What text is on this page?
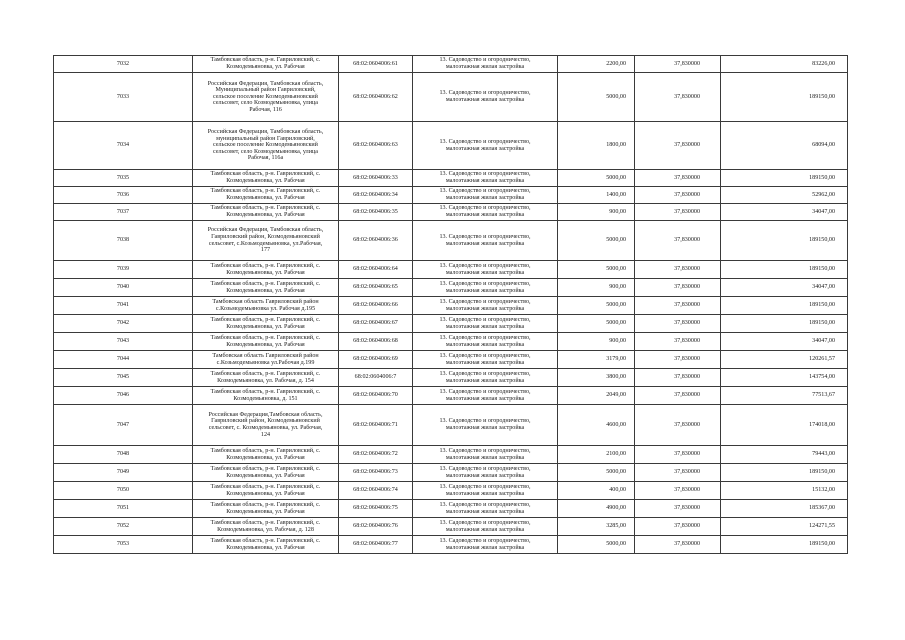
7032	Тамбовская область, р-н. Гавриловский, с.
Козмодемьяновка, ул. Рабочая	68:02:0604006:61	13. Садоводство и огородничество,
малоэтажная жилая застройка	2200,00	37,830000	83226,00
7033	Российская Федерация, Тамбовская область,
Муниципальный район Гавриловский,
сельское поселение Козмодемьяновский
сельсовет, село Козмодемьяновка, улица
Рабочая, 116	68:02:0604006:62	13. Садоводство и огородничество,
малоэтажная жилая застройка	5000,00	37,830000	189150,00
7034	Российская Федерация, Тамбовская область,
муниципальный район Гавриловский,
сельское поселение Козмодемьяновский
сельсовет, село Козмодемьяновка, улица
Рабочая, 116а	68:02:0604006:63	13. Садоводство и огородничество,
малоэтажная жилая застройка	1800,00	37,830000	68094,00
7035	Тамбовская область, р-н. Гавриловский, с.
Козмодемьяновка, ул. Рабочая	68:02:0604006:33	13. Садоводство и огородничество,
малоэтажная жилая застройка	5000,00	37,830000	189150,00
7036	Тамбовская область, р-н. Гавриловский, с.
Козмодемьяновка, ул. Рабочая	68:02:0604006:34	13. Садоводство и огородничество,
малоэтажная жилая застройка	1400,00	37,830000	52962,00
7037	Тамбовская область, р-н. Гавриловский, с.
Козмодемьяновка, ул. Рабочая	68:02:0604006:35	13. Садоводство и огородничество,
малоэтажная жилая застройка	900,00	37,830000	34047,00
7038	Российская Федерация, Тамбовская область,
Гавриловский район, Козмодемьяновский
сельсовет, с.Козьмодемьяновка, ул.Рабочая,
177	68:02:0604006:36	13. Садоводство и огородничество,
малоэтажная жилая застройка	5000,00	37,830000	189150,00
7039	Тамбовская область, р-н. Гавриловский, с.
Козмодемьяновка, ул. Рабочая	68:02:0604006:64	13. Садоводство и огородничество,
малоэтажная жилая застройка	5000,00	37,830000	189150,00
7040	Тамбовская область, р-н. Гавриловский, с.
Козмодемьяновка, ул. Рабочая	68:02:0604006:65	13. Садоводство и огородничество,
малоэтажная жилая застройка	900,00	37,830000	34047,00
7041	Тамбовская область Гавриловский район
с.Козьмодемьяновка ул. Рабочая д.195	68:02:0604006:66	13. Садоводство и огородничество,
малоэтажная жилая застройка	5000,00	37,830000	189150,00
7042	Тамбовская область, р-н. Гавриловский, с.
Козмодемьяновка, ул. Рабочая	68:02:0604006:67	13. Садоводство и огородничество,
малоэтажная жилая застройка	5000,00	37,830000	189150,00
7043	Тамбовская область, р-н. Гавриловский, с.
Козмодемьяновка, ул. Рабочая	68:02:0604006:68	13. Садоводство и огородничество,
малоэтажная жилая застройка	900,00	37,830000	34047,00
7044	Тамбовская область Гавриловский район
с.Козьмодемьяновка ул.Рабочая д.199	68:02:0604006:69	13. Садоводство и огородничество,
малоэтажная жилая застройка	3179,00	37,830000	120261,57
7045	Тамбовская область, р-н. Гавриловский, с.
Козмодемьяновка, ул. Рабочая, д. 154	68:02:0604006:7	13. Садоводство и огородничество,
малоэтажная жилая застройка	3800,00	37,830000	143754,00
7046	Тамбовская область, р-н. Гавриловский, с.
Козмодемьяновка, д. 151	68:02:0604006:70	13. Садоводство и огородничество,
малоэтажная жилая застройка	2049,00	37,830000	77513,67
7047	Российская Федерация,Тамбовская область,
Гавриловский район, Козмодемьяновский
сельсовет, с. Козмодемьяновка, ул. Рабочая,
124	68:02:0604006:71	13. Садоводство и огородничество,
малоэтажная жилая застройка	4600,00	37,830000	174018,00
7048	Тамбовская область, р-н. Гавриловский, с.
Козмодемьяновка, ул. Рабочая	68:02:0604006:72	13. Садоводство и огородничество,
малоэтажная жилая застройка	2100,00	37,830000	79443,00
7049	Тамбовская область, р-н. Гавриловский, с.
Козмодемьяновка, ул. Рабочая	68:02:0604006:73	13. Садоводство и огородничество,
малоэтажная жилая застройка	5000,00	37,830000	189150,00
7050	Тамбовская область, р-н. Гавриловский, с.
Козмодемьяновка, ул. Рабочая	68:02:0604006:74	13. Садоводство и огородничество,
малоэтажная жилая застройка	400,00	37,830000	15132,00
7051	Тамбовская область, р-н. Гавриловский, с.
Козмодемьяновка, ул. Рабочая	68:02:0604006:75	13. Садоводство и огородничество,
малоэтажная жилая застройка	4900,00	37,830000	185367,00
7052	Тамбовская область, р-н. Гавриловский, с.
Козмодемьяновка, ул. Рабочая, д. 128	68:02:0604006:76	13. Садоводство и огородничество,
малоэтажная жилая застройка	3285,00	37,830000	124271,55
7053	Тамбовская область, р-н. Гавриловский, с.
Козмодемьяновка, ул. Рабочая	68:02:0604006:77	13. Садоводство и огородничество,
малоэтажная жилая застройка	5000,00	37,830000	189150,00
